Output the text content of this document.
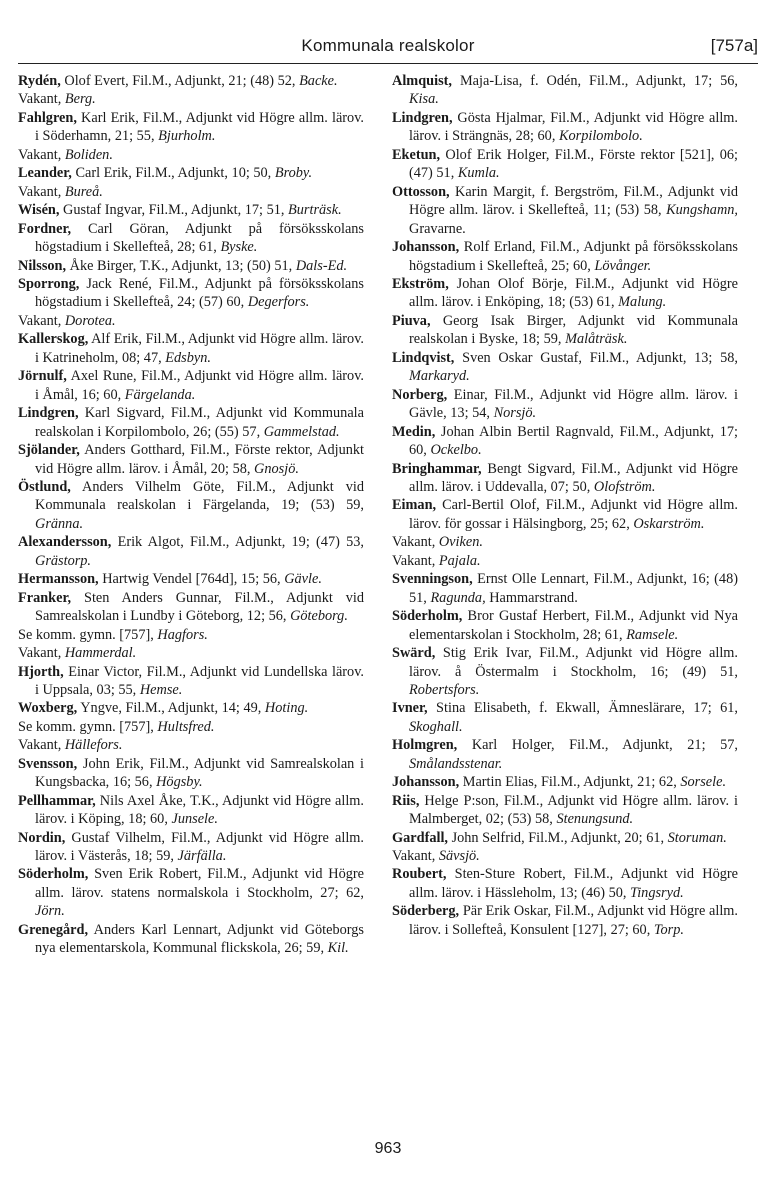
Kommunala realskolor	[757a]

Rydén, Olof Evert, Fil.M., Adjunkt, 21; (48) 52, Backe.

Vakant, Berg.

Fahlgren, Karl Erik, Fil.M., Adjunkt vid Högre allm. lärov. i Söderhamn, 21; 55, Bjurholm.

Vakant, Boliden.

Leander, Carl Erik, Fil.M., Adjunkt, 10; 50, Broby.

Vakant, Bureå.

Wisén, Gustaf Ingvar, Fil.M., Adjunkt, 17; 51, Burträsk.

Fordner, Carl Göran, Adjunkt på försöksskolans högstadium i Skellefteå, 28; 61, Byske.

Nilsson, Åke Birger, T.K., Adjunkt, 13; (50) 51, Dals-Ed.

Sporrong, Jack René, Fil.M., Adjunkt på försöksskolans högstadium i Skellefteå, 24; (57) 60, Degerfors.

Vakant, Dorotea.

Kallerskog, Alf Erik, Fil.M., Adjunkt vid Högre allm. lärov. i Katrineholm, 08; 47, Edsbyn.

Jörnulf, Axel Rune, Fil.M., Adjunkt vid Högre allm. lärov. i Åmål, 16; 60, Färgelanda.

Lindgren, Karl Sigvard, Fil.M., Adjunkt vid Kommunala realskolan i Korpilombolo, 26; (55) 57, Gammelstad.

Sjölander, Anders Gotthard, Fil.M., Förste rektor, Adjunkt vid Högre allm. lärov. i Åmål, 20; 58, Gnosjö.

Östlund, Anders Vilhelm Göte, Fil.M., Adjunkt vid Kommunala realskolan i Färgelanda, 19; (53) 59, Gränna.

Alexandersson, Erik Algot, Fil.M., Adjunkt, 19; (47) 53, Grästorp.

Hermansson, Hartwig Vendel [764d], 15; 56, Gävle.

Franker, Sten Anders Gunnar, Fil.M., Adjunkt vid Samrealskolan i Lundby i Göteborg, 12; 56, Göteborg.

Se komm. gymn. [757], Hagfors.

Vakant, Hammerdal.

Hjorth, Einar Victor, Fil.M., Adjunkt vid Lundellska lärov. i Uppsala, 03; 55, Hemse.

Woxberg, Yngve, Fil.M., Adjunkt, 14; 49, Hoting.

Se komm. gymn. [757], Hultsfred.

Vakant, Hällefors.

Svensson, John Erik, Fil.M., Adjunkt vid Samrealskolan i Kungsbacka, 16; 56, Högsby.

Pellhammar, Nils Axel Åke, T.K., Adjunkt vid Högre allm. lärov. i Köping, 18; 60, Junsele.

Nordin, Gustaf Vilhelm, Fil.M., Adjunkt vid Högre allm. lärov. i Västerås, 18; 59, Järfälla.

Söderholm, Sven Erik Robert, Fil.M., Adjunkt vid Högre allm. lärov. statens normalskola i Stockholm, 27; 62, Jörn.

Grenegård, Anders Karl Lennart, Adjunkt vid Göteborgs nya elementarskola, Kommunal flickskola, 26; 59, Kil.

Almquist, Maja-Lisa, f. Odén, Fil.M., Adjunkt, 17; 56, Kisa.

Lindgren, Gösta Hjalmar, Fil.M., Adjunkt vid Högre allm. lärov. i Strängnäs, 28; 60, Korpilombolo.

Eketun, Olof Erik Holger, Fil.M., Förste rektor [521], 06; (47) 51, Kumla.

Ottosson, Karin Margit, f. Bergström, Fil.M., Adjunkt vid Högre allm. lärov. i Skellefteå, 11; (53) 58, Kungshamn, Gravarne.

Johansson, Rolf Erland, Fil.M., Adjunkt på försöksskolans högstadium i Skellefteå, 25; 60, Lövånger.

Ekström, Johan Olof Börje, Fil.M., Adjunkt vid Högre allm. lärov. i Enköping, 18; (53) 61, Malung.

Piuva, Georg Isak Birger, Adjunkt vid Kommunala realskolan i Byske, 18; 59, Malåträsk.

Lindqvist, Sven Oskar Gustaf, Fil.M., Adjunkt, 13; 58, Markaryd.

Norberg, Einar, Fil.M., Adjunkt vid Högre allm. lärov. i Gävle, 13; 54, Norsjö.

Medin, Johan Albin Bertil Ragnvald, Fil.M., Adjunkt, 17; 60, Ockelbo.

Bringhammar, Bengt Sigvard, Fil.M., Adjunkt vid Högre allm. lärov. i Uddevalla, 07; 50, Olofström.

Eiman, Carl-Bertil Olof, Fil.M., Adjunkt vid Högre allm. lärov. för gossar i Hälsingborg, 25; 62, Oskarström.

Vakant, Oviken.

Vakant, Pajala.

Svenningson, Ernst Olle Lennart, Fil.M., Adjunkt, 16; (48) 51, Ragunda, Hammarstrand.

Söderholm, Bror Gustaf Herbert, Fil.M., Adjunkt vid Nya elementarskolan i Stockholm, 28; 61, Ramsele.

Swärd, Stig Erik Ivar, Fil.M., Adjunkt vid Högre allm. lärov. å Östermalm i Stockholm, 16; (49) 51, Robertsfors.

Ivner, Stina Elisabeth, f. Ekwall, Ämneslärare, 17; 61, Skoghall.

Holmgren, Karl Holger, Fil.M., Adjunkt, 21; 57, Smålandsstenar.

Johansson, Martin Elias, Fil.M., Adjunkt, 21; 62, Sorsele.

Riis, Helge P:son, Fil.M., Adjunkt vid Högre allm. lärov. i Malmberget, 02; (53) 58, Stenungsund.

Gardfall, John Selfrid, Fil.M., Adjunkt, 20; 61, Storuman.

Vakant, Sävsjö.

Roubert, Sten-Sture Robert, Fil.M., Adjunkt vid Högre allm. lärov. i Hässleholm, 13; (46) 50, Tingsryd.

Söderberg, Pär Erik Oskar, Fil.M., Adjunkt vid Högre allm. lärov. i Sollefteå, Konsulent [127], 27; 60, Torp.

963
